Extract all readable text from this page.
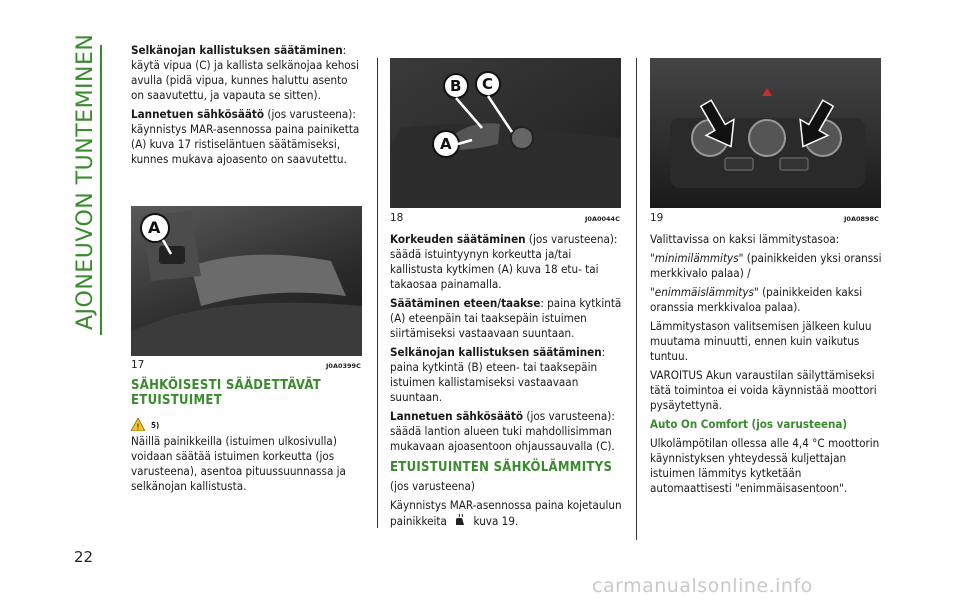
AJONEUVON TUNTEMINEN
22

Selkänojan kallistuksen säätäminen: käytä vipua (C) ja kallista selkänojaa kehosi avulla (pidä vipua, kunnes haluttu asento on saavutettu, ja vapauta se sitten).

Lannetuen sähkösäätö (jos varusteena): käynnistys MAR-asennossa paina painiketta (A) kuva 17 ristiseläntuen säätämiseksi, kunnes mukava ajoasento on saavutettu.

A
17	J0A0399C

SÄHKÖISESTI SÄÄDETTÄVÄT ETUISTUIMET

! 5)

Näillä painikkeilla (istuimen ulkosivulla) voidaan säätää istuimen korkeutta (jos varusteena), asentoa pituussuunnassa ja selkänojan kallistusta.

A
B C
18	J0A0044C

Korkeuden säätäminen (jos varusteena): säädä istuintyynyn korkeutta ja/tai kallistusta kytkimen (A) kuva 18 etu- tai takaosaa painamalla.

Säätäminen eteen/taakse: paina kytkintä (A) eteenpäin tai taaksepäin istuimen siirtämiseksi vastaavaan suuntaan.

Selkänojan kallistuksen säätäminen: paina kytkintä (B) eteen- tai taaksepäin istuimen kallistamiseksi vastaavaan suuntaan.

Lannetuen sähkösäätö (jos varusteena): säädä lantion alueen tuki mahdollisimman mukavaan ajoasentoon ohjaussauvalla (C).

ETUISTUINTEN SÄHKÖLÄMMITYS

(jos varusteena)

Käynnistys MAR-asennossa paina kojetaulun painikkeita kuva 19.

19	J0A0898C

Valittavissa on kaksi lämmitystasoa:

"minimilämmitys" (painikkeiden yksi oranssi merkkivalo palaa) /

"enimmäislämmitys" (painikkeiden kaksi oranssia merkkivaloa palaa).

Lämmitystason valitsemisen jälkeen kuluu muutama minuutti, ennen kuin vaikutus tuntuu.

VAROITUS Akun varaustilan säilyttämiseksi tätä toimintoa ei voida käynnistää moottori pysäytettynä.

Auto On Comfort (jos varusteena)

Ulkolämpötilan ollessa alle 4,4 °C moottorin käynnistyksen yhteydessä kuljettajan istuimen lämmitys kytketään automaattisesti "enimmäisasentoon".

carmanualsonline.info
